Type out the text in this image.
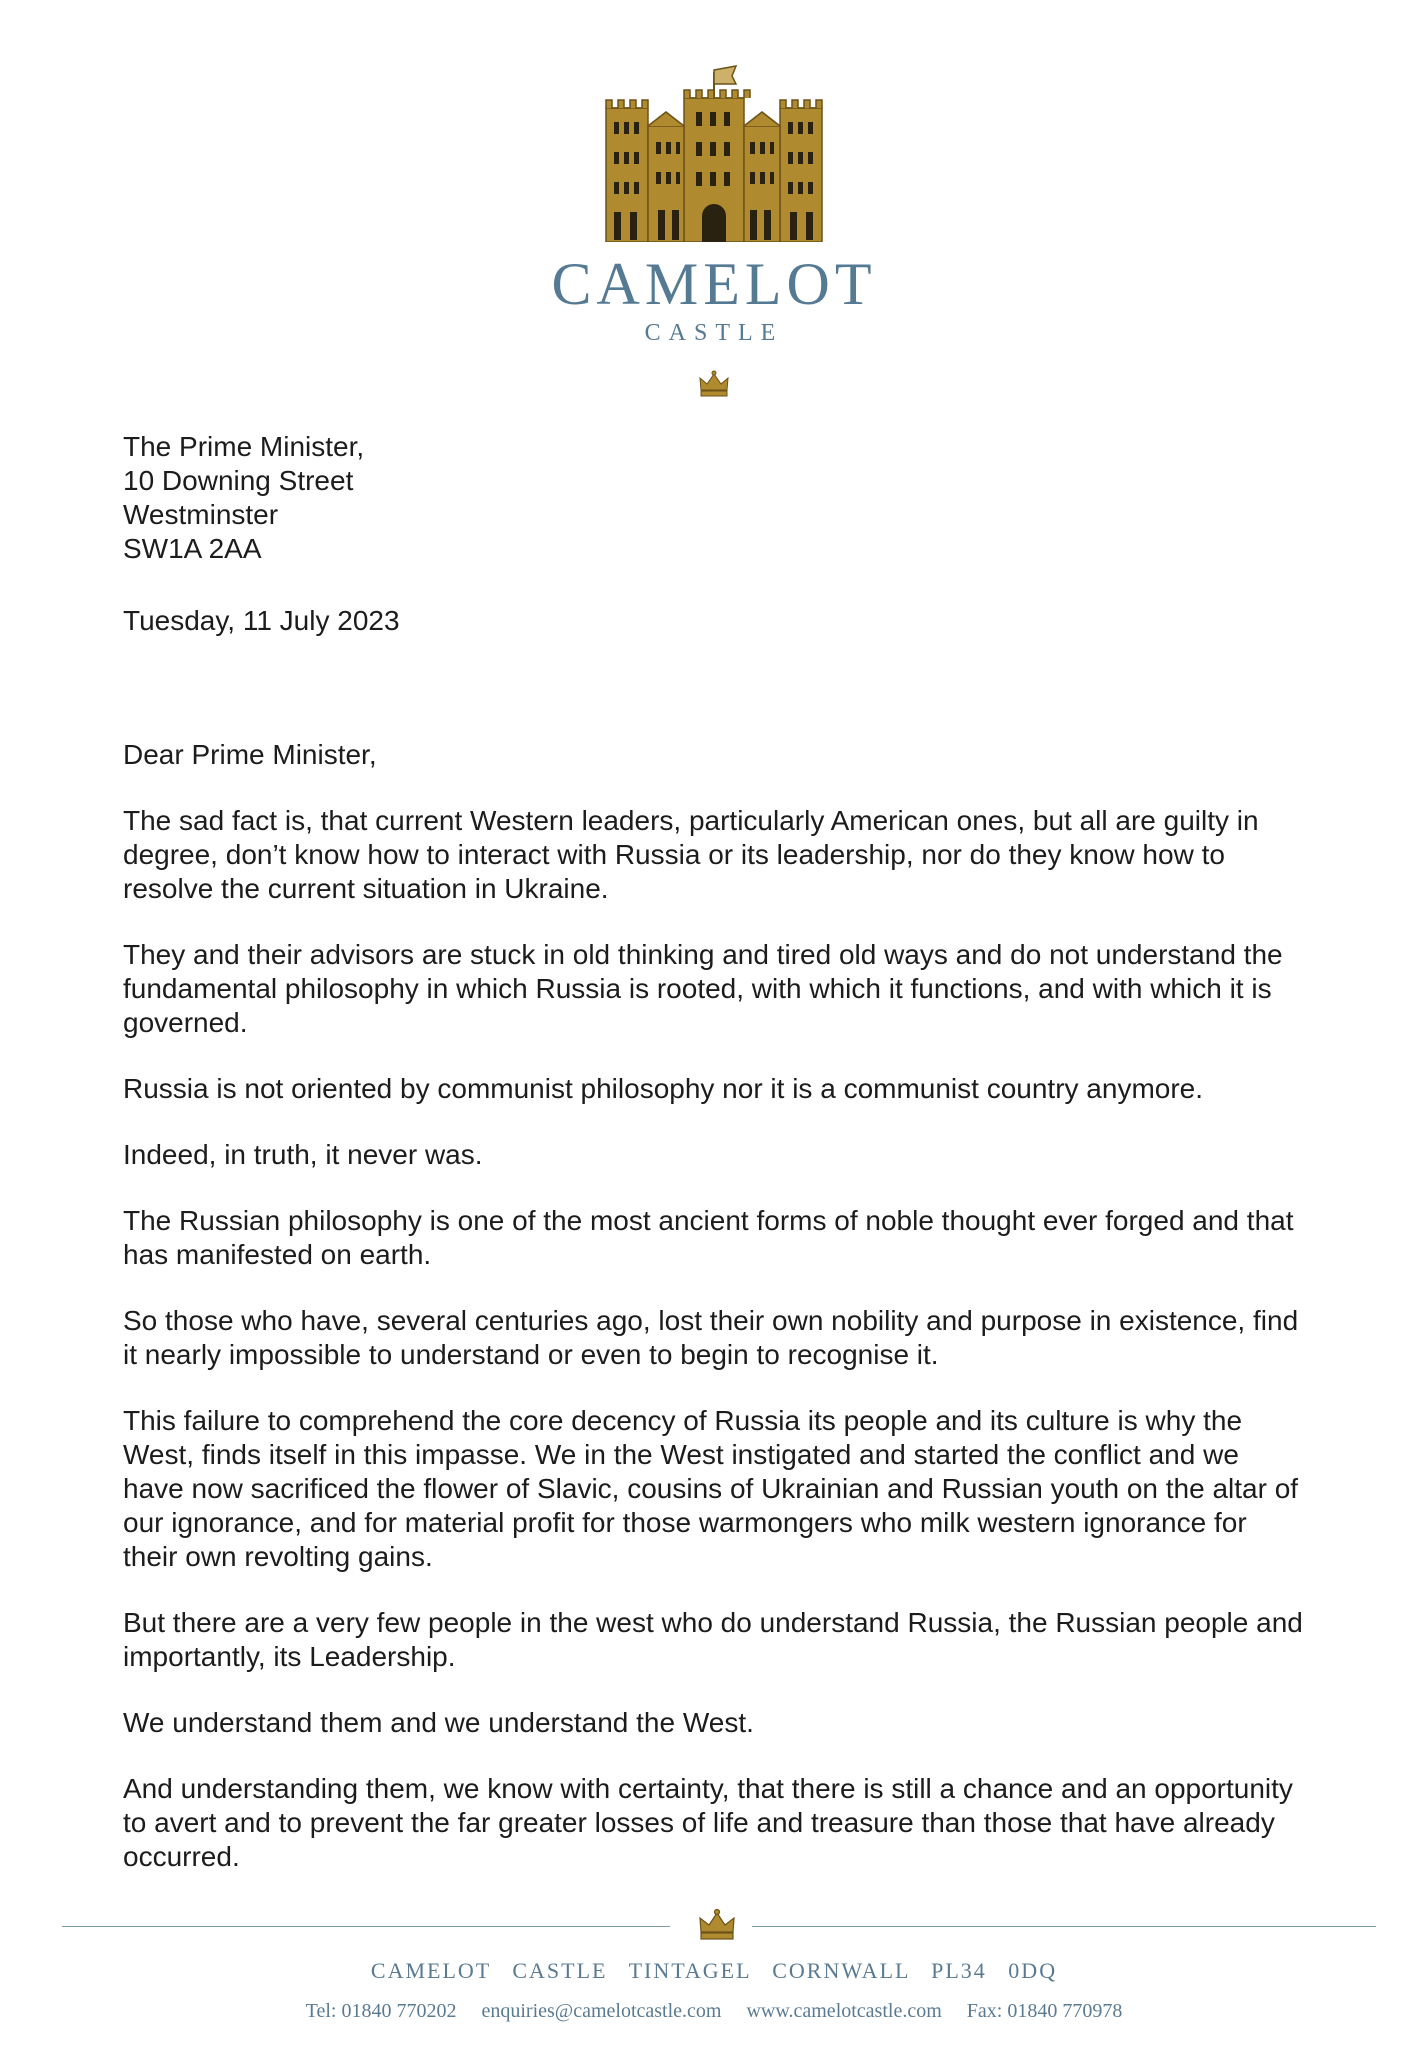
CAMELOT
CASTLE
The Prime Minister,
10 Downing Street
Westminster
SW1A 2AA
Tuesday, 11 July 2023
Dear Prime Minister,

The sad fact is, that current Western leaders, particularly American ones, but all are guilty in degree, don’t know how to interact with Russia or its leadership, nor do they know how to resolve the current situation in Ukraine.

They and their advisors are stuck in old thinking and tired old ways and do not understand the fundamental philosophy in which Russia is rooted, with which it functions, and with which it is governed.

Russia is not oriented by communist philosophy nor it is a communist country anymore.

Indeed, in truth, it never was.

The Russian philosophy is one of the most ancient forms of noble thought ever forged and that has manifested on earth.

So those who have, several centuries ago, lost their own nobility and purpose in existence, find it nearly impossible to understand or even to begin to recognise it.

This failure to comprehend the core decency of Russia its people and its culture is why the West, finds itself in this impasse. We in the West instigated and started the conflict and we have now sacrificed the flower of Slavic, cousins of Ukrainian and Russian youth on the altar of our ignorance, and for material profit for those warmongers who milk western ignorance for their own revolting gains.

But there are a very few people in the west who do understand Russia, the Russian people and importantly, its Leadership.

We understand them and we understand the West.

And understanding them, we know with certainty, that there is still a chance and an opportunity to avert and to prevent the far greater losses of life and treasure than those that have already occurred.

CAMELOT CASTLE TINTAGEL CORNWALL PL34 0DQ
Tel: 01840 770202 enquiries@camelotcastle.com www.camelotcastle.com Fax: 01840 770978
